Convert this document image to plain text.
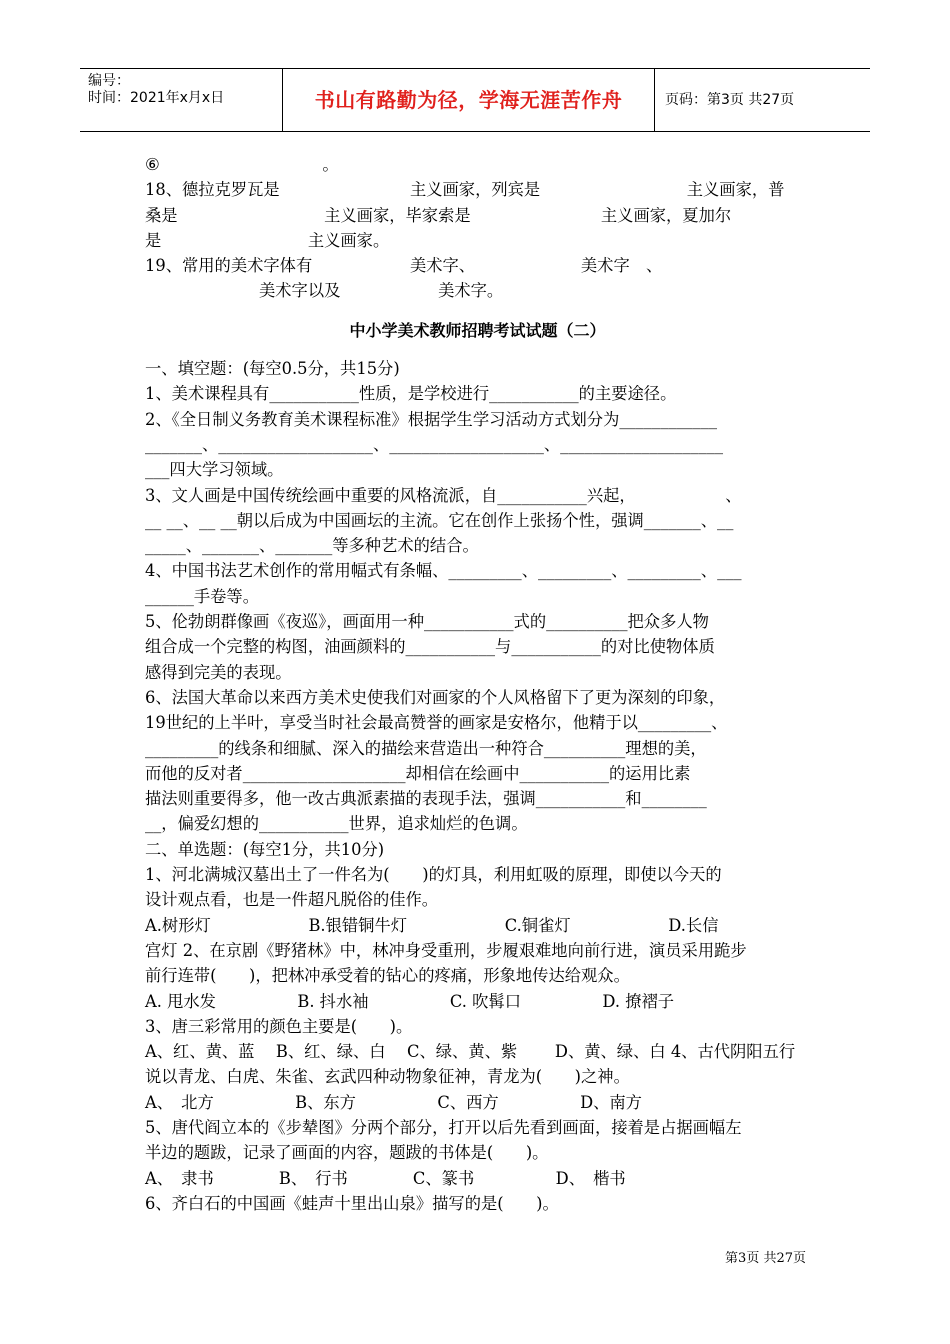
编号：
时间：2021年x月x日	书山有路勤为径，学海无涯苦作舟	页码：第3页 共27页

⑥　　　　　　　　　　。

18、德拉克罗瓦是　　　　　　　　主义画家，列宾是　　　　　　　　　主义画家，普

桑是　　　　　　　　　主义画家，毕家索是　　　　　　　　主义画家，夏加尔

是　　　　　　　　　主义画家。

19、常用的美术字体有　　　　　　美术字、　　　　　　　美术字　、

　　　　　　　美术字以及　　　　　　美术字。

中小学美术教师招聘考试试题（二）

一、填空题：(每空0.5分，共15分)

1、美术课程具有___________性质，是学校进行___________的主要途径。

2、《全日制义务教育美术课程标准》根据学生学习活动方式划分为____________

_______、___________________、___________________、____________________

___四大学习领域。

3、文人画是中国传统绘画中重要的风格流派，自___________兴起，　　　　　　、

__ __、__ __朝以后成为中国画坛的主流。它在创作上张扬个性，强调_______、__

_____、_______、_______等多种艺术的结合。

4、中国书法艺术创作的常用幅式有条幅、_________、_________、_________、___

______手卷等。

5、伦勃朗群像画《夜巡》，画面用一种___________式的__________把众多人物

组合成一个完整的构图，油画颜料的___________与___________的对比使物体质

感得到完美的表现。

6、法国大革命以来西方美术史使我们对画家的个人风格留下了更为深刻的印象，

19世纪的上半叶，享受当时社会最高赞誉的画家是安格尔，他精于以_________、

_________的线条和细腻、深入的描绘来营造出一种符合__________理想的美，

而他的反对者____________________却相信在绘画中___________的运用比素

描法则重要得多，他一改古典派素描的表现手法，强调___________和________

__，偏爱幻想的___________世界，追求灿烂的色调。

二、单选题：(每空1分，共10分)

1、河北满城汉墓出土了一件名为(　　)的灯具，利用虹吸的原理，即使以今天的

设计观点看，也是一件超凡脱俗的佳作。

A.树形灯　　　　　　B.银错铜牛灯　　　　　　C.铜雀灯　　　　　　D.长信

宫灯 2、在京剧《野猪林》中，林冲身受重刑，步履艰难地向前行进，演员采用跪步

前行连带(　　)，把林冲承受着的钻心的疼痛，形象地传达给观众。

A. 甩水发　　　　　B. 抖水袖　　　　　C. 吹髯口　　　　　D. 撩褶子

3、唐三彩常用的颜色主要是(　　)。

A、红、黄、蓝　 B、红、绿、白　 C、绿、黄、紫　　 D、黄、绿、白 4、古代阴阳五行

说以青龙、白虎、朱雀、玄武四种动物象征神，青龙为(　　)之神。

A、　北方　　　　　B、东方　　　　　C、西方　　　　　D、南方

5、唐代阎立本的《步辇图》分两个部分，打开以后先看到画面，接着是占据画幅左

半边的题跋，记录了画面的内容，题跋的书体是(　　)。

A、　隶书　　　　B、　行书　　　　C、篆书　　　　　D、　楷书

6、齐白石的中国画《蛙声十里出山泉》描写的是(　　)。

第3页 共27页
